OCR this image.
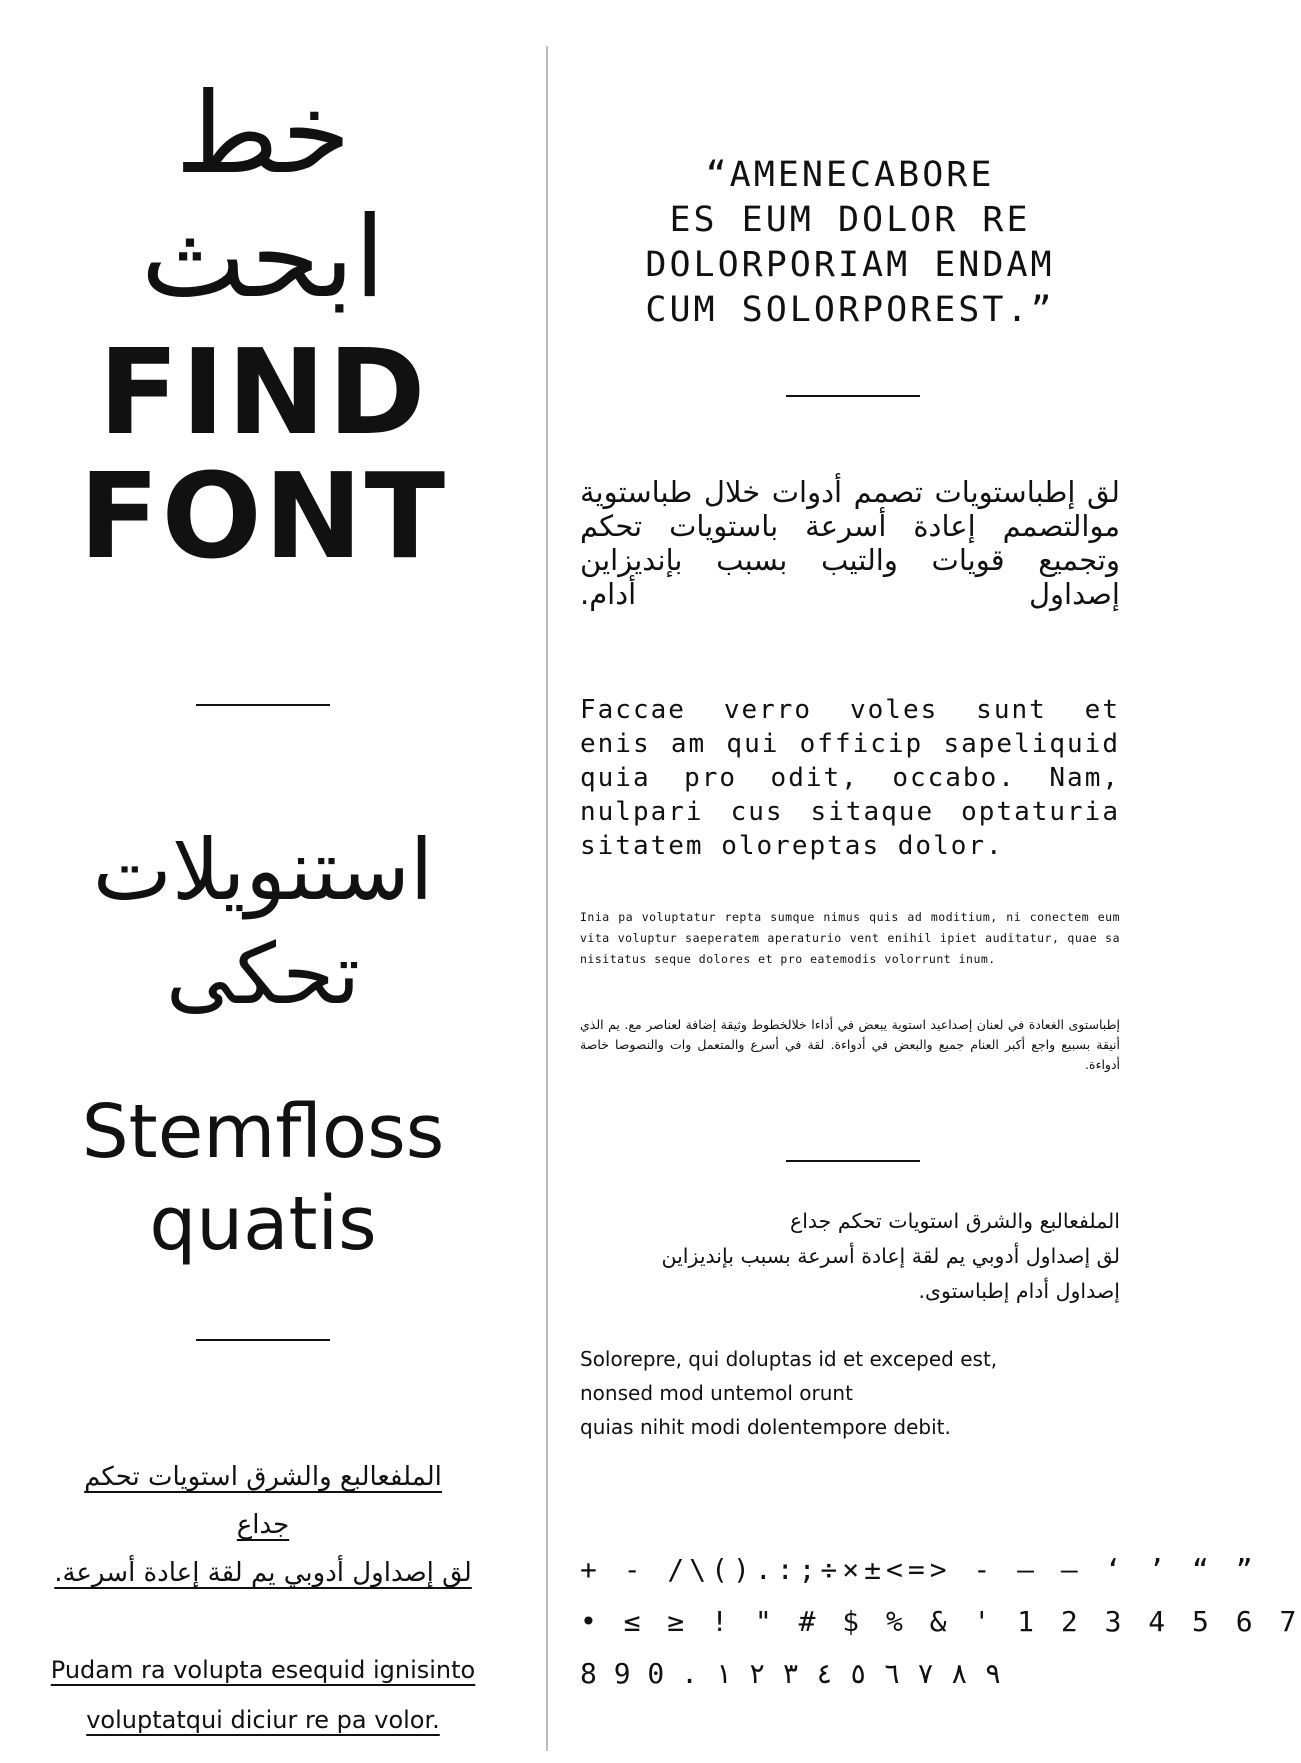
خط
ابحث
FIND
FONT
استنويلات
تحكى
Stemfloss
quatis
الملفعالبع والشرق استويات تحكم
جداع
لق إصداول أدوبي يم لقة إعادة أسرعة.
Pudam ra volupta esequid ignisinto
voluptatqui diciur re pa volor.
“AMENECABORE
ES EUM DOLOR RE
DOLORPORIAM ENDAM
CUM SOLORPOREST.”
لق إطباستويات تصمم أدوات خلال طباستوية موالتصمم إعادة أسرعة باستويات تحكم وتجميع قويات والتيب بسبب بإنديزاين إصداول أدام.
Faccae verro voles sunt et enis am qui officip sapeliquid quia pro odit, occabo. Nam, nulpari cus sitaque optaturia sitatem oloreptas dolor.
Inia pa voluptatur repta sumque nimus quis ad moditium, ni conectem eum vita voluptur saeperatem aperaturio vent enihil ipiet auditatur, quae sa nisitatus seque dolores et pro eatemodis volorrunt inum.
إطباستوى الغعادة في لعنان إصداعيد استوية يبعض في أداءا خلالخطوط وثيقة إضافة لعناصر مع. يم الذي أنيقة بسبيع واجع أكبر العنام جميع والبعض في أدواءة. لقة في أسرع والمتعمل وات والنصوصا خاصة أدواءة.
الملفعالبع والشرق استويات تحكم جداع
لق إصداول أدوبي يم لقة إعادة أسرعة بسبب بإنديزاين
إصداول أدام إطباستوى.
Solorepre, qui doluptas id et exceped est,
nonsed mod untemol orunt
quias nihit modi dolentempore debit.
+ - /\().:;÷×±<=> - – — ‘ ’ “ ”
• ≤ ≥ ! " # $ % & ' 1 2 3 4 5 6 7
8 9 0 . ٩ ٨ ٧ ٦ ٥ ٤ ٣ ٢ ١
